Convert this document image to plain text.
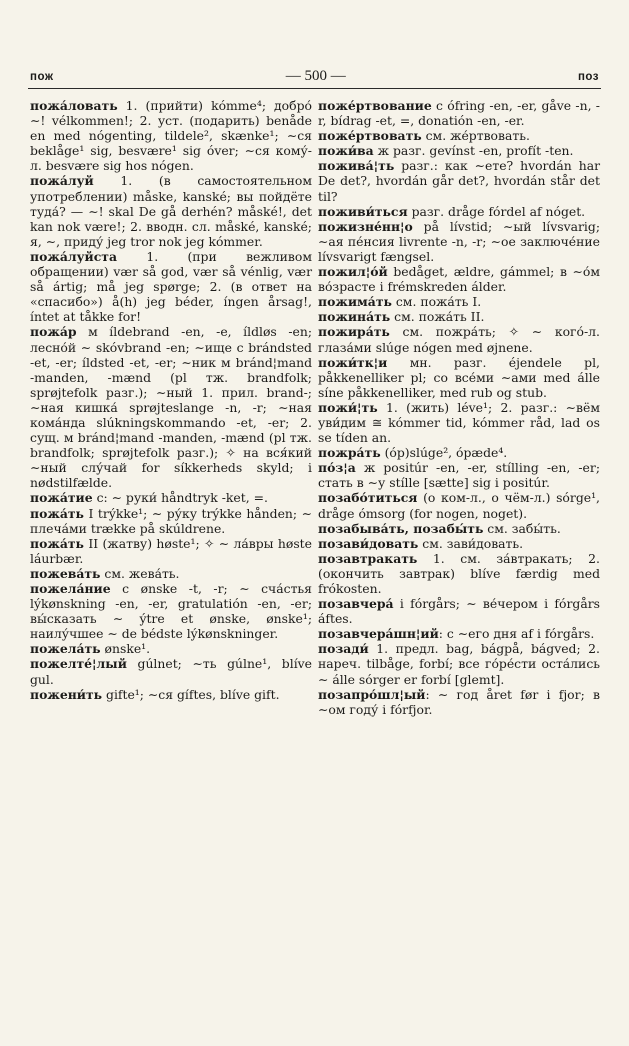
пож	— 500 —	поз
пожа́ловать 1. (прийти) kómme⁴; добро́ ∼! vélkommen!; 2. уст. (подарить) benåde en med nógenting, tildele², skænke¹; ∼ся beklåge¹ sig, besvære¹ sig óver; ∼ся кому́-л. besvære sig hos nógen.
пожа́луй 1. (в самостоятельном употреблении) måske, kanské; вы пойдёте туда́? — ∼! skal De gå derhén? måské!, det kan nok være!; 2. вводн. сл. måské, kanské; я, ∼, приду́ jeg tror nok jeg kómmer.
пожа́луйста 1. (при вежливом обращении) vær så god, vær så vénlig, vær så ártig; må jeg spørge; 2. (в ответ на «спасибо») å(h) jeg béder, íngen årsag!, íntet at tåkke for!
пожа́р м íldebrand -en, -e, íldløs -en; лесно́й ∼ skóvbrand -en; ∼ище с brándsted -et, -er; íldsted -et, -er; ∼ник м bránd¦mand -manden, -mænd (pl тж. brandfolk; sprøjtefolk разг.); ∼ный 1. прил. brand-; ∼ная кишка́ sprøjteslange -n, -r; ∼ная кома́нда slúkningskommando -et, -er; 2. сущ. м bránd¦mand -manden, -mænd (pl тж. brandfolk; sprøjtefolk разг.); ✧ на вся́кий ∼ный слу́чай for síkkerheds skyld; i nødstilfælde.
пожа́тие с: ∼ руки́ håndtryk -ket, =.
пожа́ть I trýkke¹; ∼ ру́ку trýkke hånden; ∼ плеча́ми trække på skúldrene.
пожа́ть II (жатву) høste¹; ✧ ∼ ла́вры høste láurbær.
пожева́ть см. жева́ть.
пожела́ние с ønske -t, -r; ∼ сча́стья lýkønskning -en, -er, gratulatión -en, -er; вы́сказать ∼ ýtre et ønske, ønske¹; наилу́чшее ∼ de bédste lýkønskninger.
пожела́ть ønske¹.
пожелте́¦лый gúlnet; ∼ть gúlne¹, blíve gul.
пожени́ть gifte¹; ∼ся gíftes, blíve gift.
поже́ртвование с ófring -en, -er, gåve -n, -r, bídrag -et, =, donatión -en, -er.
поже́ртвовать см. же́ртвовать.
пожи́ва ж разг. gevínst -en, profít -ten.
пожива́¦ть разг.: как ∼ете? hvordán har De det?, hvordán går det?, hvordán står det til?
поживи́ться разг. dråge fórdel af nóget.
пожизне́нн¦о på lívstid; ∼ый lívsvarig; ∼ая пе́нсия livrente -n, -r; ∼ое заключе́ние lívsvarigt fængsel.
пожил¦о́й bedåget, ældre, gámmel; в ∼о́м во́зрасте i frémskreden álder.
пожима́ть см. пожа́ть I.
пожина́ть см. пожа́ть II.
пожира́ть см. пожра́ть; ✧ ∼ кого́-л. глаза́ми slúge nógen med øjnene.
пожи́тк¦и мн. разг. éjendele pl, påkkenelliker pl; со все́ми ∼ами med álle síne påkkenelliker, med rub og stub.
пожи́¦ть 1. (жить) léve¹; 2. разг.: ∼вём уви́дим ≅ kómmer tid, kómmer råd, lad os se tíden an.
пожра́ть (óp)slúge², ópæde⁴.
по́з¦а ж positúr -en, -er, stílling -en, -er; стать в ∼у stílle [sætte] sig i positúr.
позабо́титься (о ком-л., о чём-л.) sórge¹, dråge ómsorg (for nogen, noget).
позабыва́ть, позабы́ть см. забы́ть.
позави́довать см. зави́довать.
позавтракать 1. см. за́втракать; 2. (окончить завтрак) blíve færdig med frókosten.
позавчера́ i fórgårs; ∼ ве́чером i fórgårs áftes.
позавчера́шн¦ий: с ∼его дня af i fórgårs.
позади́ 1. предл. bag, bágpå, bágved; 2. нареч. tilbåge, forbí; все го́ре́сти оста́лись ∼ álle sórger er forbí [glemt].
позапро́шл¦ый: ∼ год året før i fjor; в ∼ом году́ i fórfjor.
